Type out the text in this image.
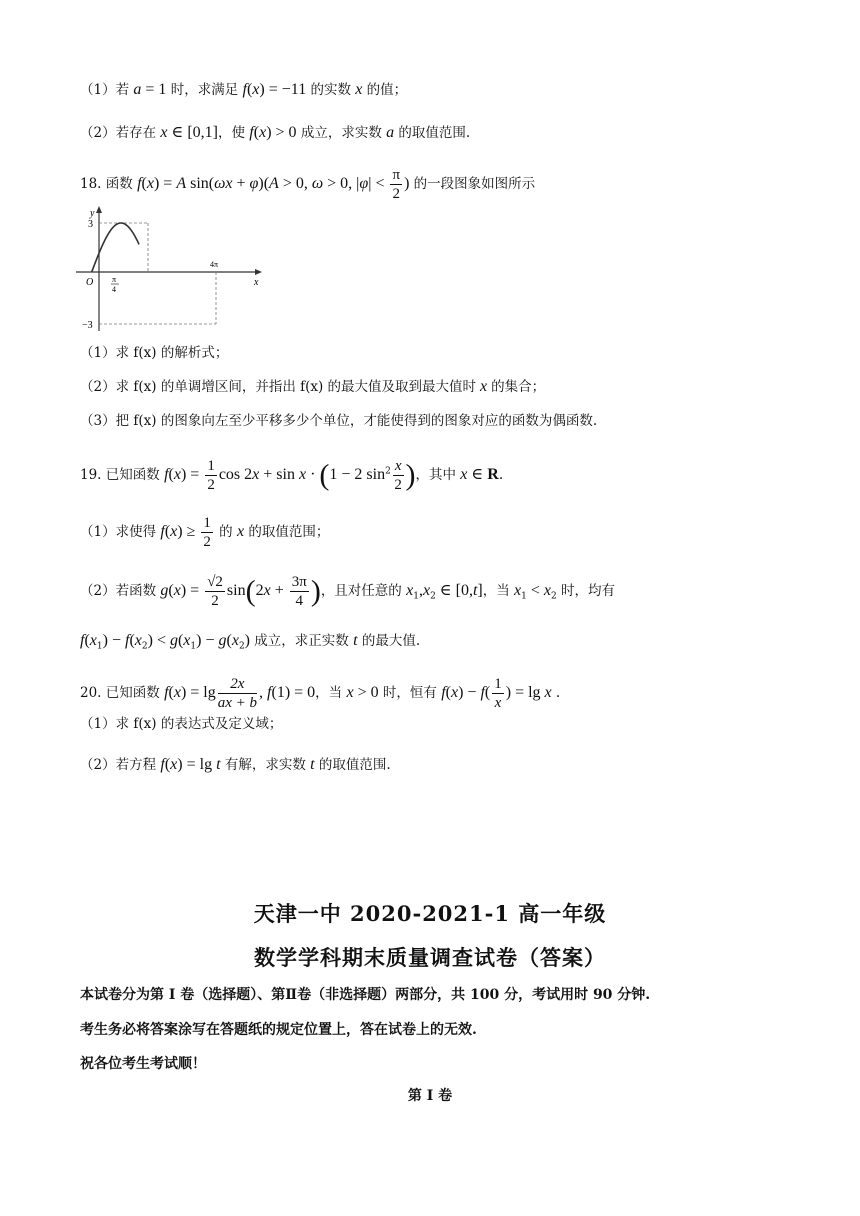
（1）若 a = 1 时，求满足 f(x) = −11 的实数 x 的值；
（2）若存在 x ∈ [0,1]，使 f(x) > 0 成立，求实数 a 的取值范围.
18. 函数 f(x) = A sin(ωx + φ)(A > 0, ω > 0, $|\varphi| < \frac{\pi}{2}$ ) 的一段图象如图所示
y
x
O
3
−3
π
4
4π
（1）求 f(x) 的解析式；
（2）求 f(x) 的单调增区间，并指出 f(x) 的最大值及取到最大值时 x 的集合；
（3）把 f(x) 的图象向左至少平移多少个单位，才能使得到的图象对应的函数为偶函数.
19. 已知函数 $f(x) = \frac{1}{2}$ cos 2x + sin x · (1 − 2 $\sin^2 \frac{x}{2}$ )，其中 x ∈ R.
（1）求使得 $f(x) \ge \frac{1}{2}$ 的 x 的取值范围；
（2）若函数 $g(x) = \frac{√2}{2} \sin(2x + \frac{3\pi}{4}$ )，且对任意的 $x_1,x_2$ ∈ [0,t]，当 $x_1 < x_2$ 时，均有
$f(x_1) - f(x_2) < g(x_1) - g(x_2)$ 成立，求正实数 t 的最大值.
20. 已知函数 $f(x) = \lg \frac{2x}{ax + b}$ , f(1) = 0，当 x > 0 时，恒有 $f(x) - f( \frac{1}{x}$ ) = lg x .
（1）求 f(x) 的表达式及定义域；
（2）若方程 f(x) = lg t 有解，求实数 t 的取值范围.
天津一中 2020-2021-1 高一年级
数学学科期末质量调查试卷（答案）
本试卷分为第 I 卷（选择题）、第Ⅱ卷（非选择题）两部分，共 100 分，考试用时 90 分钟.
考生务必将答案涂写在答题纸的规定位置上，答在试卷上的无效.
祝各位考生考试顺！
第 I 卷
